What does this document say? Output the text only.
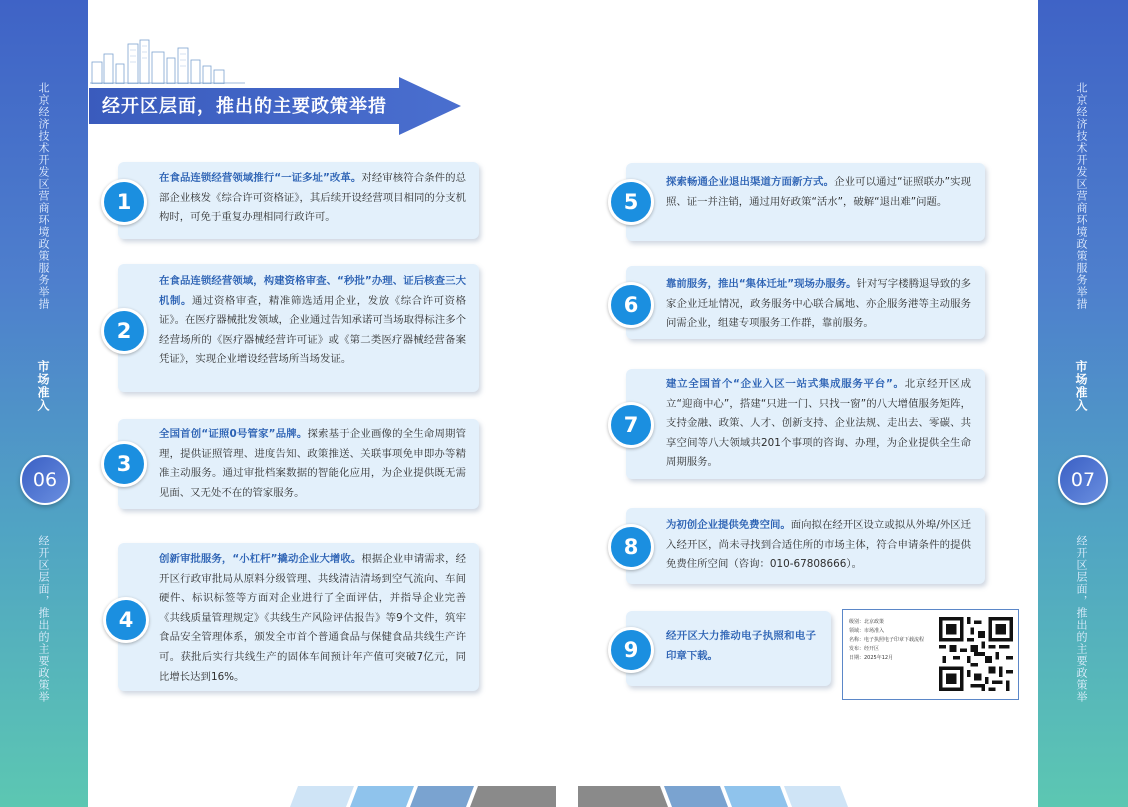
北京经济技术开发区营商环境政策服务举措
市场准入
06
经开区层面，推出的主要政策举
北京经济技术开发区营商环境政策服务举措
市场准入
07
经开区层面，推出的主要政策举
经开区层面，推出的主要政策举措
在食品连锁经营领域推行“一证多址”改革。对经审核符合条件的总部企业核发《综合许可资格证》，其后续开设经营项目相同的分支机构时，可免于重复办理相同行政许可。
1
在食品连锁经营领域，构建资格审查、“秒批”办理、证后核查三大机制。通过资格审查，精准筛选适用企业，发放《综合许可资格证》。在医疗器械批发领域，企业通过告知承诺可当场取得标注多个经营场所的《医疗器械经营许可证》或《第二类医疗器械经营备案凭证》，实现企业增设经营场所当场发证。
2
全国首创“证照0号管家”品牌。探索基于企业画像的全生命周期管理，提供证照管理、进度告知、政策推送、关联事项免申即办等精准主动服务。通过审批档案数据的智能化应用，为企业提供既无需见面、又无处不在的管家服务。
3
创新审批服务，“小杠杆”撬动企业大增收。根据企业申请需求，经开区行政审批局从原料分级管理、共线清洁清场到空气流向、车间硬件、标识标签等方面对企业进行了全面评估，并指导企业完善《共线质量管理规定》《共线生产风险评估报告》等9个文件，筑牢食品安全管理体系，颁发全市首个普通食品与保健食品共线生产许可。获批后实行共线生产的固体车间预计年产值可突破7亿元，同比增长达到16%。
4
探索畅通企业退出渠道方面新方式。企业可以通过“证照联办”实现照、证一并注销，通过用好政策“活水”，破解“退出难”问题。
5
靠前服务，推出“集体迁址”现场办服务。针对写字楼腾退导致的多家企业迁址情况，政务服务中心联合属地、亦企服务港等主动服务问需企业，组建专项服务工作群，靠前服务。
6
建立全国首个“企业入区一站式集成服务平台”。北京经开区成立“迎商中心”，搭建“只进一门、只找一窗”的八大增值服务矩阵，支持金融、政策、人才、创新支持、企业法规、走出去、零碳、共享空间等八大领域共201个事项的咨询、办理，为企业提供全生命周期服务。
7
为初创企业提供免费空间。面向拟在经开区设立或拟从外埠/外区迁入经开区，尚未寻找到合适住所的市场主体，符合申请条件的提供免费住所空间（咨询：010-67808666）。
8
经开区大力推动电子执照和电子印章下载。
9
级别：北京政策
领域：市场准入
名称：电子执照电子印章下载流程
发布：经开区
日期：2025年12月
